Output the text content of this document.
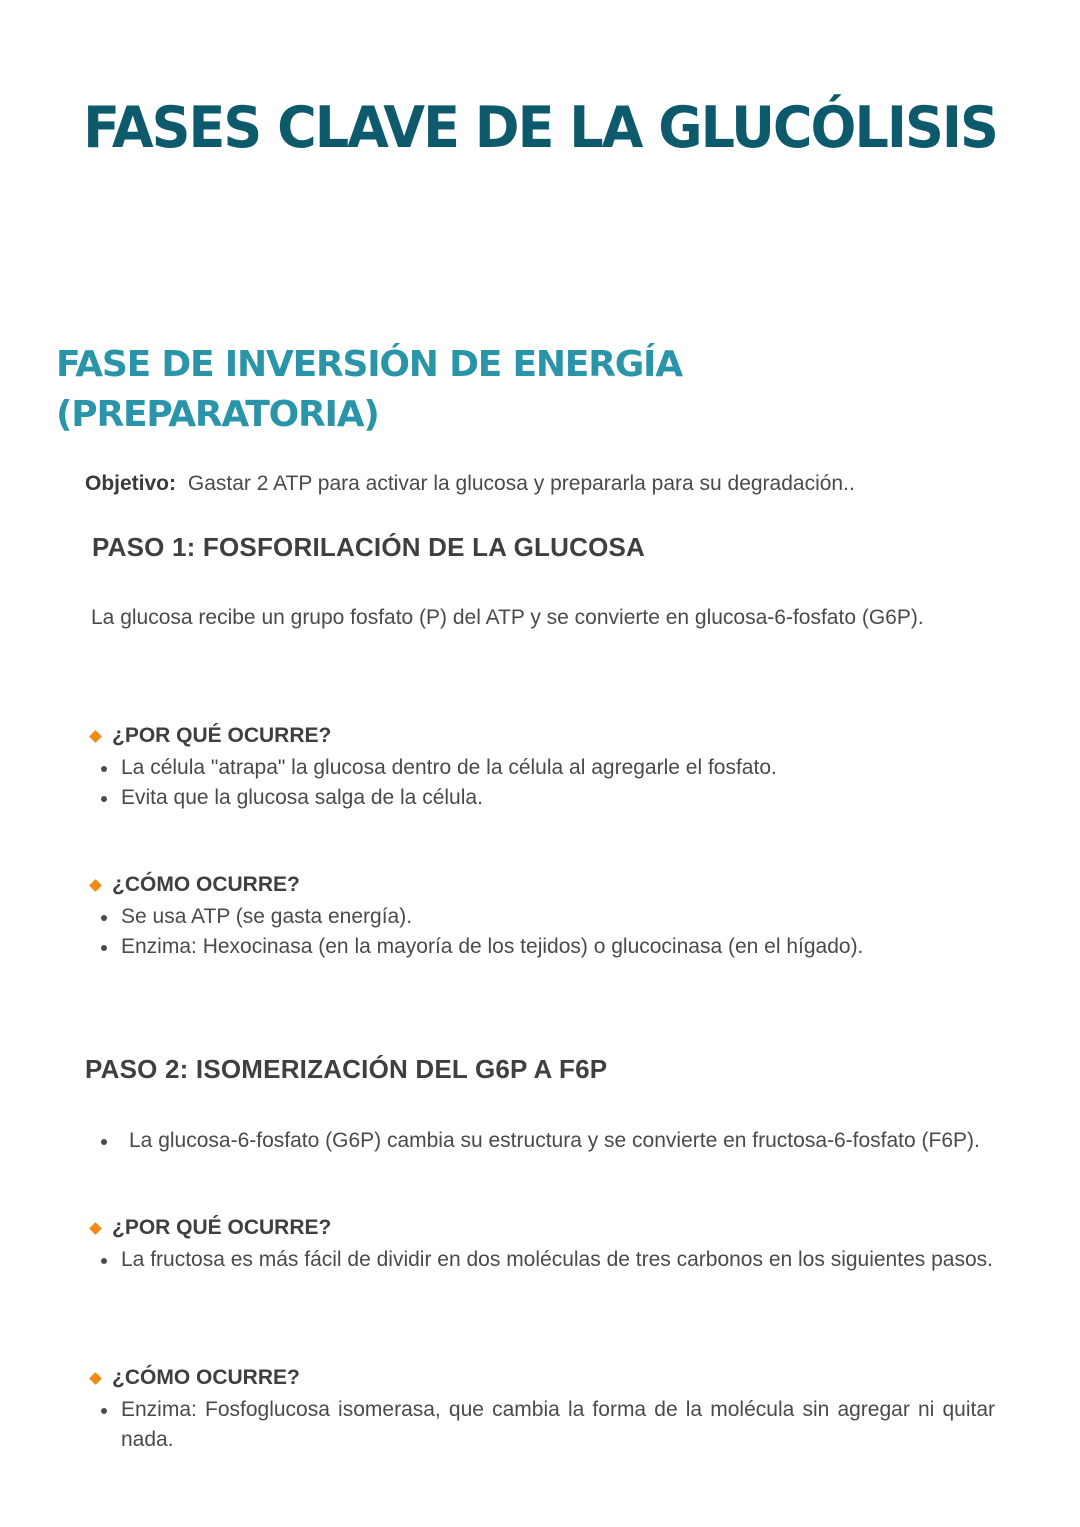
FASES CLAVE DE LA GLUCÓLISIS
FASE DE INVERSIÓN DE ENERGÍA
(PREPARATORIA)
Objetivo: Gastar 2 ATP para activar la glucosa y prepararla para su degradación..
PASO 1: FOSFORILACIÓN DE LA GLUCOSA

La glucosa recibe un grupo fosfato (P) del ATP y se convierte en glucosa-6-fosfato (G6P).

¿POR QUÉ OCURRE?
La célula "atrapa" la glucosa dentro de la célula al agregarle el fosfato.
Evita que la glucosa salga de la célula.
¿CÓMO OCURRE?
Se usa ATP (se gasta energía).
Enzima: Hexocinasa (en la mayoría de los tejidos) o glucocinasa (en el hígado).
PASO 2: ISOMERIZACIÓN DEL G6P A F6P
La glucosa-6-fosfato (G6P) cambia su estructura y se convierte en fructosa-6-fosfato (F6P).
¿POR QUÉ OCURRE?
La fructosa es más fácil de dividir en dos moléculas de tres carbonos en los siguientes pasos.
¿CÓMO OCURRE?
Enzima: Fosfoglucosa isomerasa, que cambia la forma de la molécula sin agregar ni quitar nada.
